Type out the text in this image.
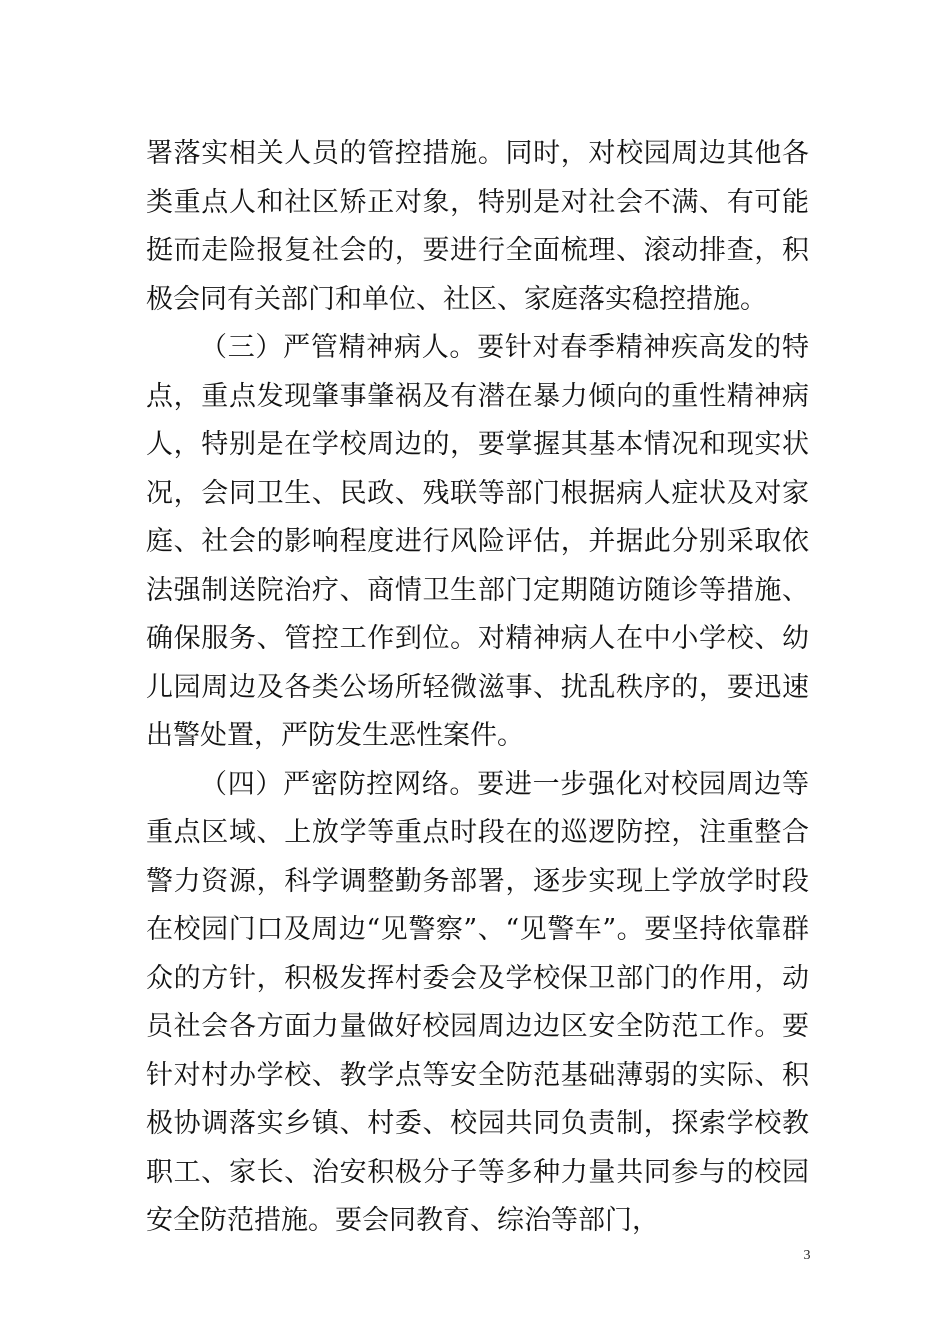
署落实相关人员的管控措施。同时，对校园周边其他各类重点人和社区矫正对象，特别是对社会不满、有可能挺而走险报复社会的，要进行全面梳理、滚动排查，积极会同有关部门和单位、社区、家庭落实稳控措施。

（三）严管精神病人。要针对春季精神疾高发的特点，重点发现肇事肇祸及有潜在暴力倾向的重性精神病人，特别是在学校周边的，要掌握其基本情况和现实状况，会同卫生、民政、残联等部门根据病人症状及对家庭、社会的影响程度进行风险评估，并据此分别采取依法强制送院治疗、商情卫生部门定期随访随诊等措施、确保服务、管控工作到位。对精神病人在中小学校、幼儿园周边及各类公场所轻微滋事、扰乱秩序的，要迅速出警处置，严防发生恶性案件。

（四）严密防控网络。要进一步强化对校园周边等重点区域、上放学等重点时段在的巡逻防控，注重整合警力资源，科学调整勤务部署，逐步实现上学放学时段在校园门口及周边“见警察”、“见警车”。要坚持依靠群众的方针，积极发挥村委会及学校保卫部门的作用，动员社会各方面力量做好校园周边边区安全防范工作。要针对村办学校、教学点等安全防范基础薄弱的实际、积极协调落实乡镇、村委、校园共同负责制，探索学校教职工、家长、治安积极分子等多种力量共同参与的校园安全防范措施。要会同教育、综治等部门，

3
